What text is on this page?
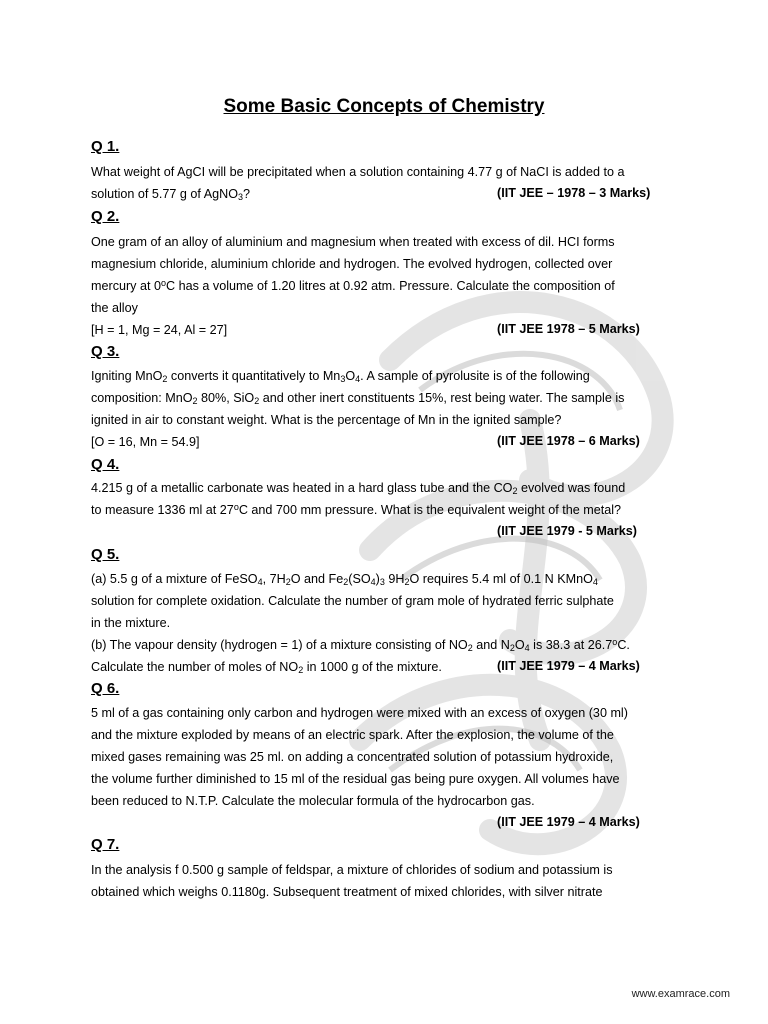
Some Basic Concepts of Chemistry
Q 1.
What weight of AgCI will be precipitated when a solution containing 4.77 g of NaCI is added to a
solution of 5.77 g of AgNO$_3$?	(IIT JEE – 1978 – 3 Marks)
Q 2.
One gram of an alloy of aluminium and magnesium when treated with excess of dil. HCI forms
magnesium chloride, aluminium chloride and hydrogen. The evolved hydrogen, collected over
mercury at 0$^o$C has a volume of 1.20 litres at 0.92 atm. Pressure. Calculate the composition of
the alloy
[H = 1, Mg = 24, Al = 27]	(IIT JEE 1978 – 5 Marks)
Q 3.
Igniting MnO$_2$ converts it quantitatively to $Mn_3O_4$. A sample of pyrolusite is of the following
composition: MnO$_2$ 80%, SiO$_2$ and other inert constituents 15%, rest being water. The sample is
ignited in air to constant weight. What is the percentage of Mn in the ignited sample?
[O = 16, Mn = 54.9]	(IIT JEE 1978 – 6 Marks)
Q 4.
4.215 g of a metallic carbonate was heated in a hard glass tube and the $CO_2$ evolved was found
to measure 1336 ml at 27$^o$C and 700 mm pressure. What is the equivalent weight of the metal?
(IIT JEE 1979 - 5 Marks)
Q 5.
(a) 5.5 g of a mixture of FeSO$_4$, $7H_2O$ and $Fe_2(SO_4)_3$ $9H_2O$ requires 5.4 ml of 0.1 N KMnO$_4$
solution for complete oxidation. Calculate the number of gram mole of hydrated ferric sulphate
in the mixture.
(b) The vapour density (hydrogen = 1) of a mixture consisting of $NO_2$ and $N_2O_4$ is 38.3 at 26.7$^o$C.
Calculate the number of moles of $NO_2$ in 1000 g of the mixture.	(IIT JEE 1979 – 4 Marks)
Q 6.
5 ml of a gas containing only carbon and hydrogen were mixed with an excess of oxygen (30 ml)
and the mixture exploded by means of an electric spark. After the explosion, the volume of the
mixed gases remaining was 25 ml. on adding a concentrated solution of potassium hydroxide,
the volume further diminished to 15 ml of the residual gas being pure oxygen. All volumes have
been reduced to N.T.P. Calculate the molecular formula of the hydrocarbon gas.
(IIT JEE 1979 – 4 Marks)
Q 7.
In the analysis f 0.500 g sample of feldspar, a mixture of chlorides of sodium and potassium is
obtained which weighs 0.1180g. Subsequent treatment of mixed chlorides, with silver nitrate
www.examrace.com
